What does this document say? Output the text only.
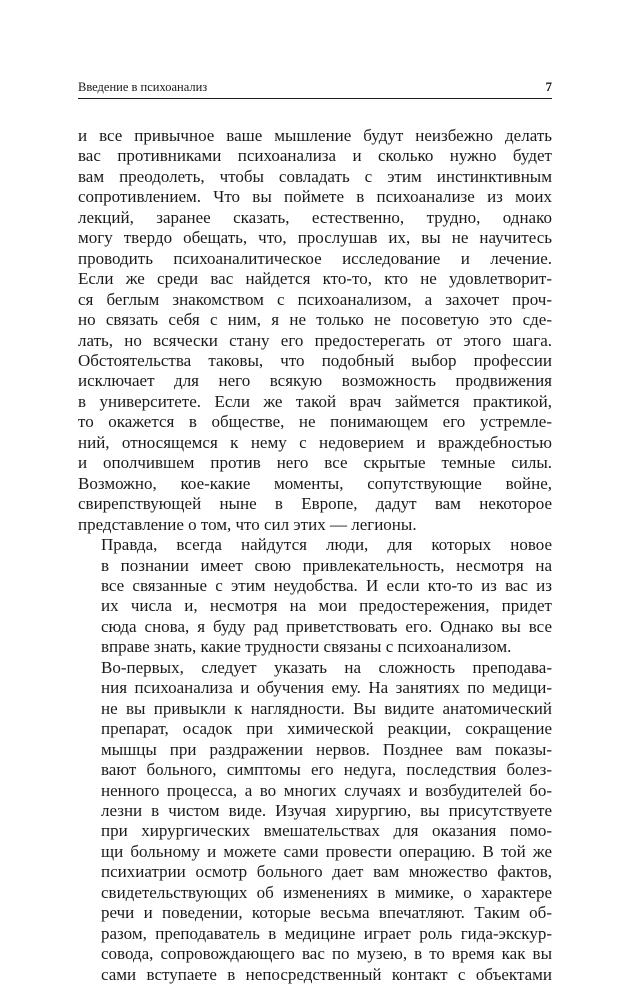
Введение в психоанализ	7

и все привычное ваше мышление будут неизбежно делать
вас противниками психоанализа и сколько нужно будет
вам преодолеть, чтобы совладать с этим инстинктивным
сопротивлением. Что вы поймете в психоанализе из моих
лекций, заранее сказать, естественно, трудно, однако
могу твердо обещать, что, прослушав их, вы не научитесь
проводить психоаналитическое исследование и лечение.
Если же среди вас найдется кто-то, кто не удовлетворит-
ся беглым знакомством с психоанализом, а захочет проч-
но связать себя с ним, я не только не посоветую это сде-
лать, но всячески стану его предостерегать от этого шага.
Обстоятельства таковы, что подобный выбор профессии
исключает для него всякую возможность продвижения
в университете. Если же такой врач займется практикой,
то окажется в обществе, не понимающем его устремле-
ний, относящемся к нему с недоверием и враждебностью
и ополчившем против него все скрытые темные силы.
Возможно, кое-какие моменты, сопутствующие войне,
свирепствующей ныне в Европе, дадут вам некоторое
представление о том, что сил этих — легионы.

Правда, всегда найдутся люди, для которых новое
в познании имеет свою привлекательность, несмотря на
все связанные с этим неудобства. И если кто-то из вас из
их числа и, несмотря на мои предостережения, придет
сюда снова, я буду рад приветствовать его. Однако вы все
вправе знать, какие трудности связаны с психоанализом.

Во-первых, следует указать на сложность преподава-
ния психоанализа и обучения ему. На занятиях по медици-
не вы привыкли к наглядности. Вы видите анатомический
препарат, осадок при химической реакции, сокращение
мышцы при раздражении нервов. Позднее вам показы-
вают больного, симптомы его недуга, последствия болез-
ненного процесса, а во многих случаях и возбудителей бо-
лезни в чистом виде. Изучая хирургию, вы присутствуете
при хирургических вмешательствах для оказания помо-
щи больному и можете сами провести операцию. В той же
психиатрии осмотр больного дает вам множество фактов,
свидетельствующих об изменениях в мимике, о характере
речи и поведении, которые весьма впечатляют. Таким об-
разом, преподаватель в медицине играет роль гида-экскур-
совода, сопровождающего вас по музею, в то время как вы
сами вступаете в непосредственный контакт с объектами
